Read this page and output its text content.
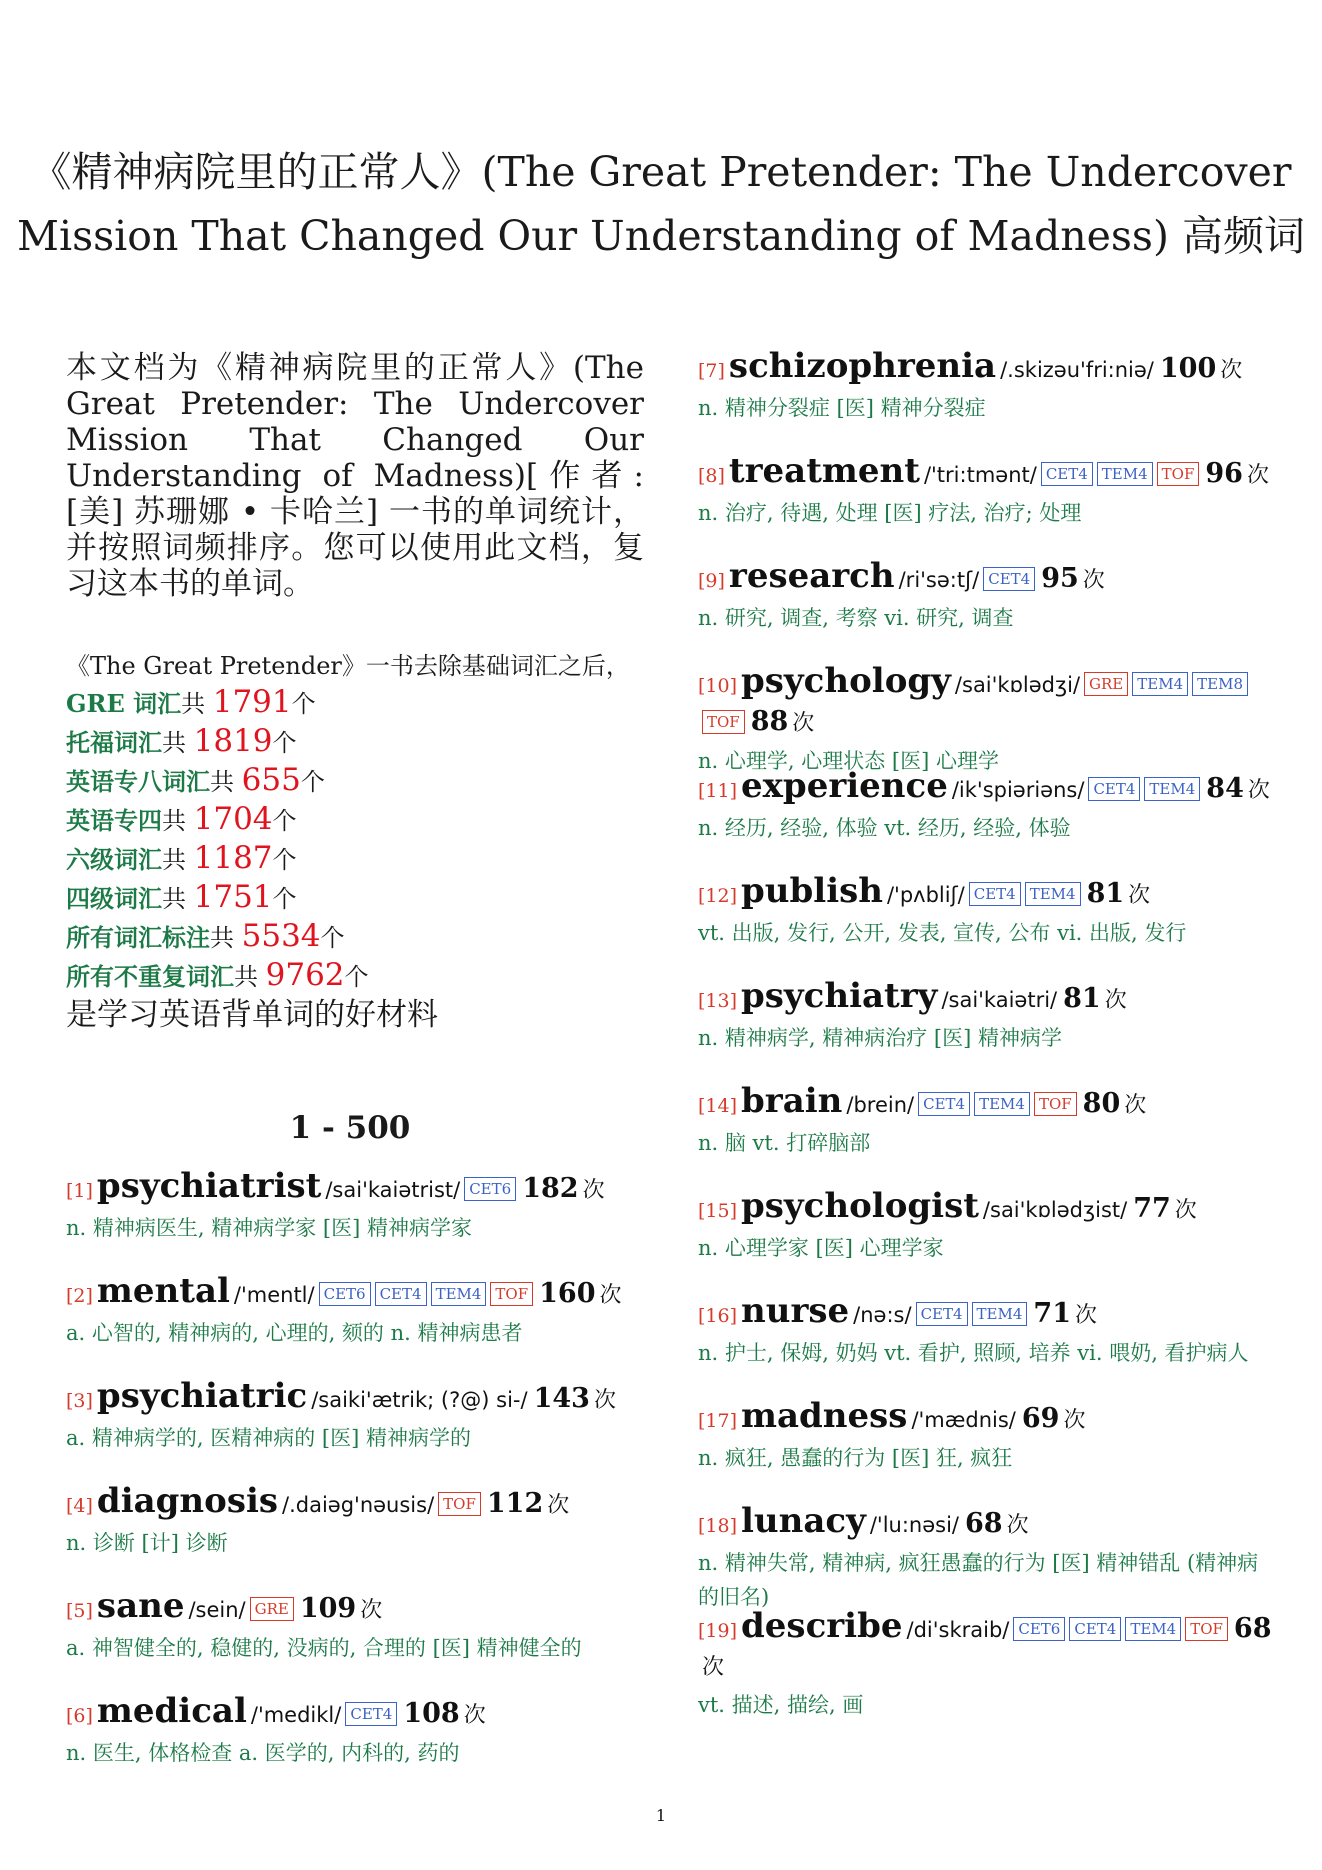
《精神病院里的正常人》(The Great Pretender: The Undercover
Mission That Changed Our Understanding of Madness) 高频词
本文档为《精神病院里的正常人》(The Great Pretender: The Undercover Mission That Changed Our Understanding of Madness)[作者: [美] 苏珊娜 • 卡哈兰] 一书的单词统计，并按照词频排序。您可以使用此文档，复习这本书的单词。
《The Great Pretender》一书去除基础词汇之后，
GRE 词汇共 1791个
托福词汇共 1819个
英语专八词汇共 655个
英语专四共 1704个
六级词汇共 1187个
四级词汇共 1751个
所有词汇标注共 5534个
所有不重复词汇共 9762个
是学习英语背单词的好材料
1 - 500
[1] psychiatrist /sai'kaiətrist/ CET6 182 次
n. 精神病医生, 精神病学家 [医] 精神病学家
[2] mental /'mentl/ CET6 CET4 TEM4 TOF 160 次
a. 心智的, 精神病的, 心理的, 颏的 n. 精神病患者
[3] psychiatric /saiki'ætrik; (?@) si-/ 143 次
a. 精神病学的, 医精神病的 [医] 精神病学的
[4] diagnosis /.daiəg'nəusis/ TOF 112 次
n. 诊断 [计] 诊断
[5] sane /sein/ GRE 109 次
a. 神智健全的, 稳健的, 没病的, 合理的 [医] 精神健全的
[6] medical /'medikl/ CET4 108 次
n. 医生, 体格检查 a. 医学的, 内科的, 药的
[7] schizophrenia /.skizəu'fri:niə/ 100 次
n. 精神分裂症 [医] 精神分裂症
[8] treatment /'tri:tmənt/ CET4 TEM4 TOF 96 次
n. 治疗, 待遇, 处理 [医] 疗法, 治疗; 处理
[9] research /ri'sə:tʃ/ CET4 95 次
n. 研究, 调查, 考察 vi. 研究, 调查
[10] psychology /sai'kɒlədʒi/ GRE TEM4 TEM8TOF 88 次
n. 心理学, 心理状态 [医] 心理学
[11] experience /ik'spiəriəns/ CET4 TEM4 84 次
n. 经历, 经验, 体验 vt. 经历, 经验, 体验
[12] publish /'pʌbliʃ/ CET4 TEM4 81 次
vt. 出版, 发行, 公开, 发表, 宣传, 公布 vi. 出版, 发行
[13] psychiatry /sai'kaiətri/ 81 次
n. 精神病学, 精神病治疗 [医] 精神病学
[14] brain /brein/ CET4 TEM4 TOF 80 次
n. 脑 vt. 打碎脑部
[15] psychologist /sai'kɒlədʒist/ 77 次
n. 心理学家 [医] 心理学家
[16] nurse /nə:s/ CET4 TEM4 71 次
n. 护士, 保姆, 奶妈 vt. 看护, 照顾, 培养 vi. 喂奶, 看护病人
[17] madness /'mædnis/ 69 次
n. 疯狂, 愚蠢的行为 [医] 狂, 疯狂
[18] lunacy /'lu:nəsi/ 68 次
n. 精神失常, 精神病, 疯狂愚蠢的行为 [医] 精神错乱 (精神病的旧名)
[19] describe /di'skraib/ CET6 CET4 TEM4 TOF 68次
vt. 描述, 描绘, 画
1
